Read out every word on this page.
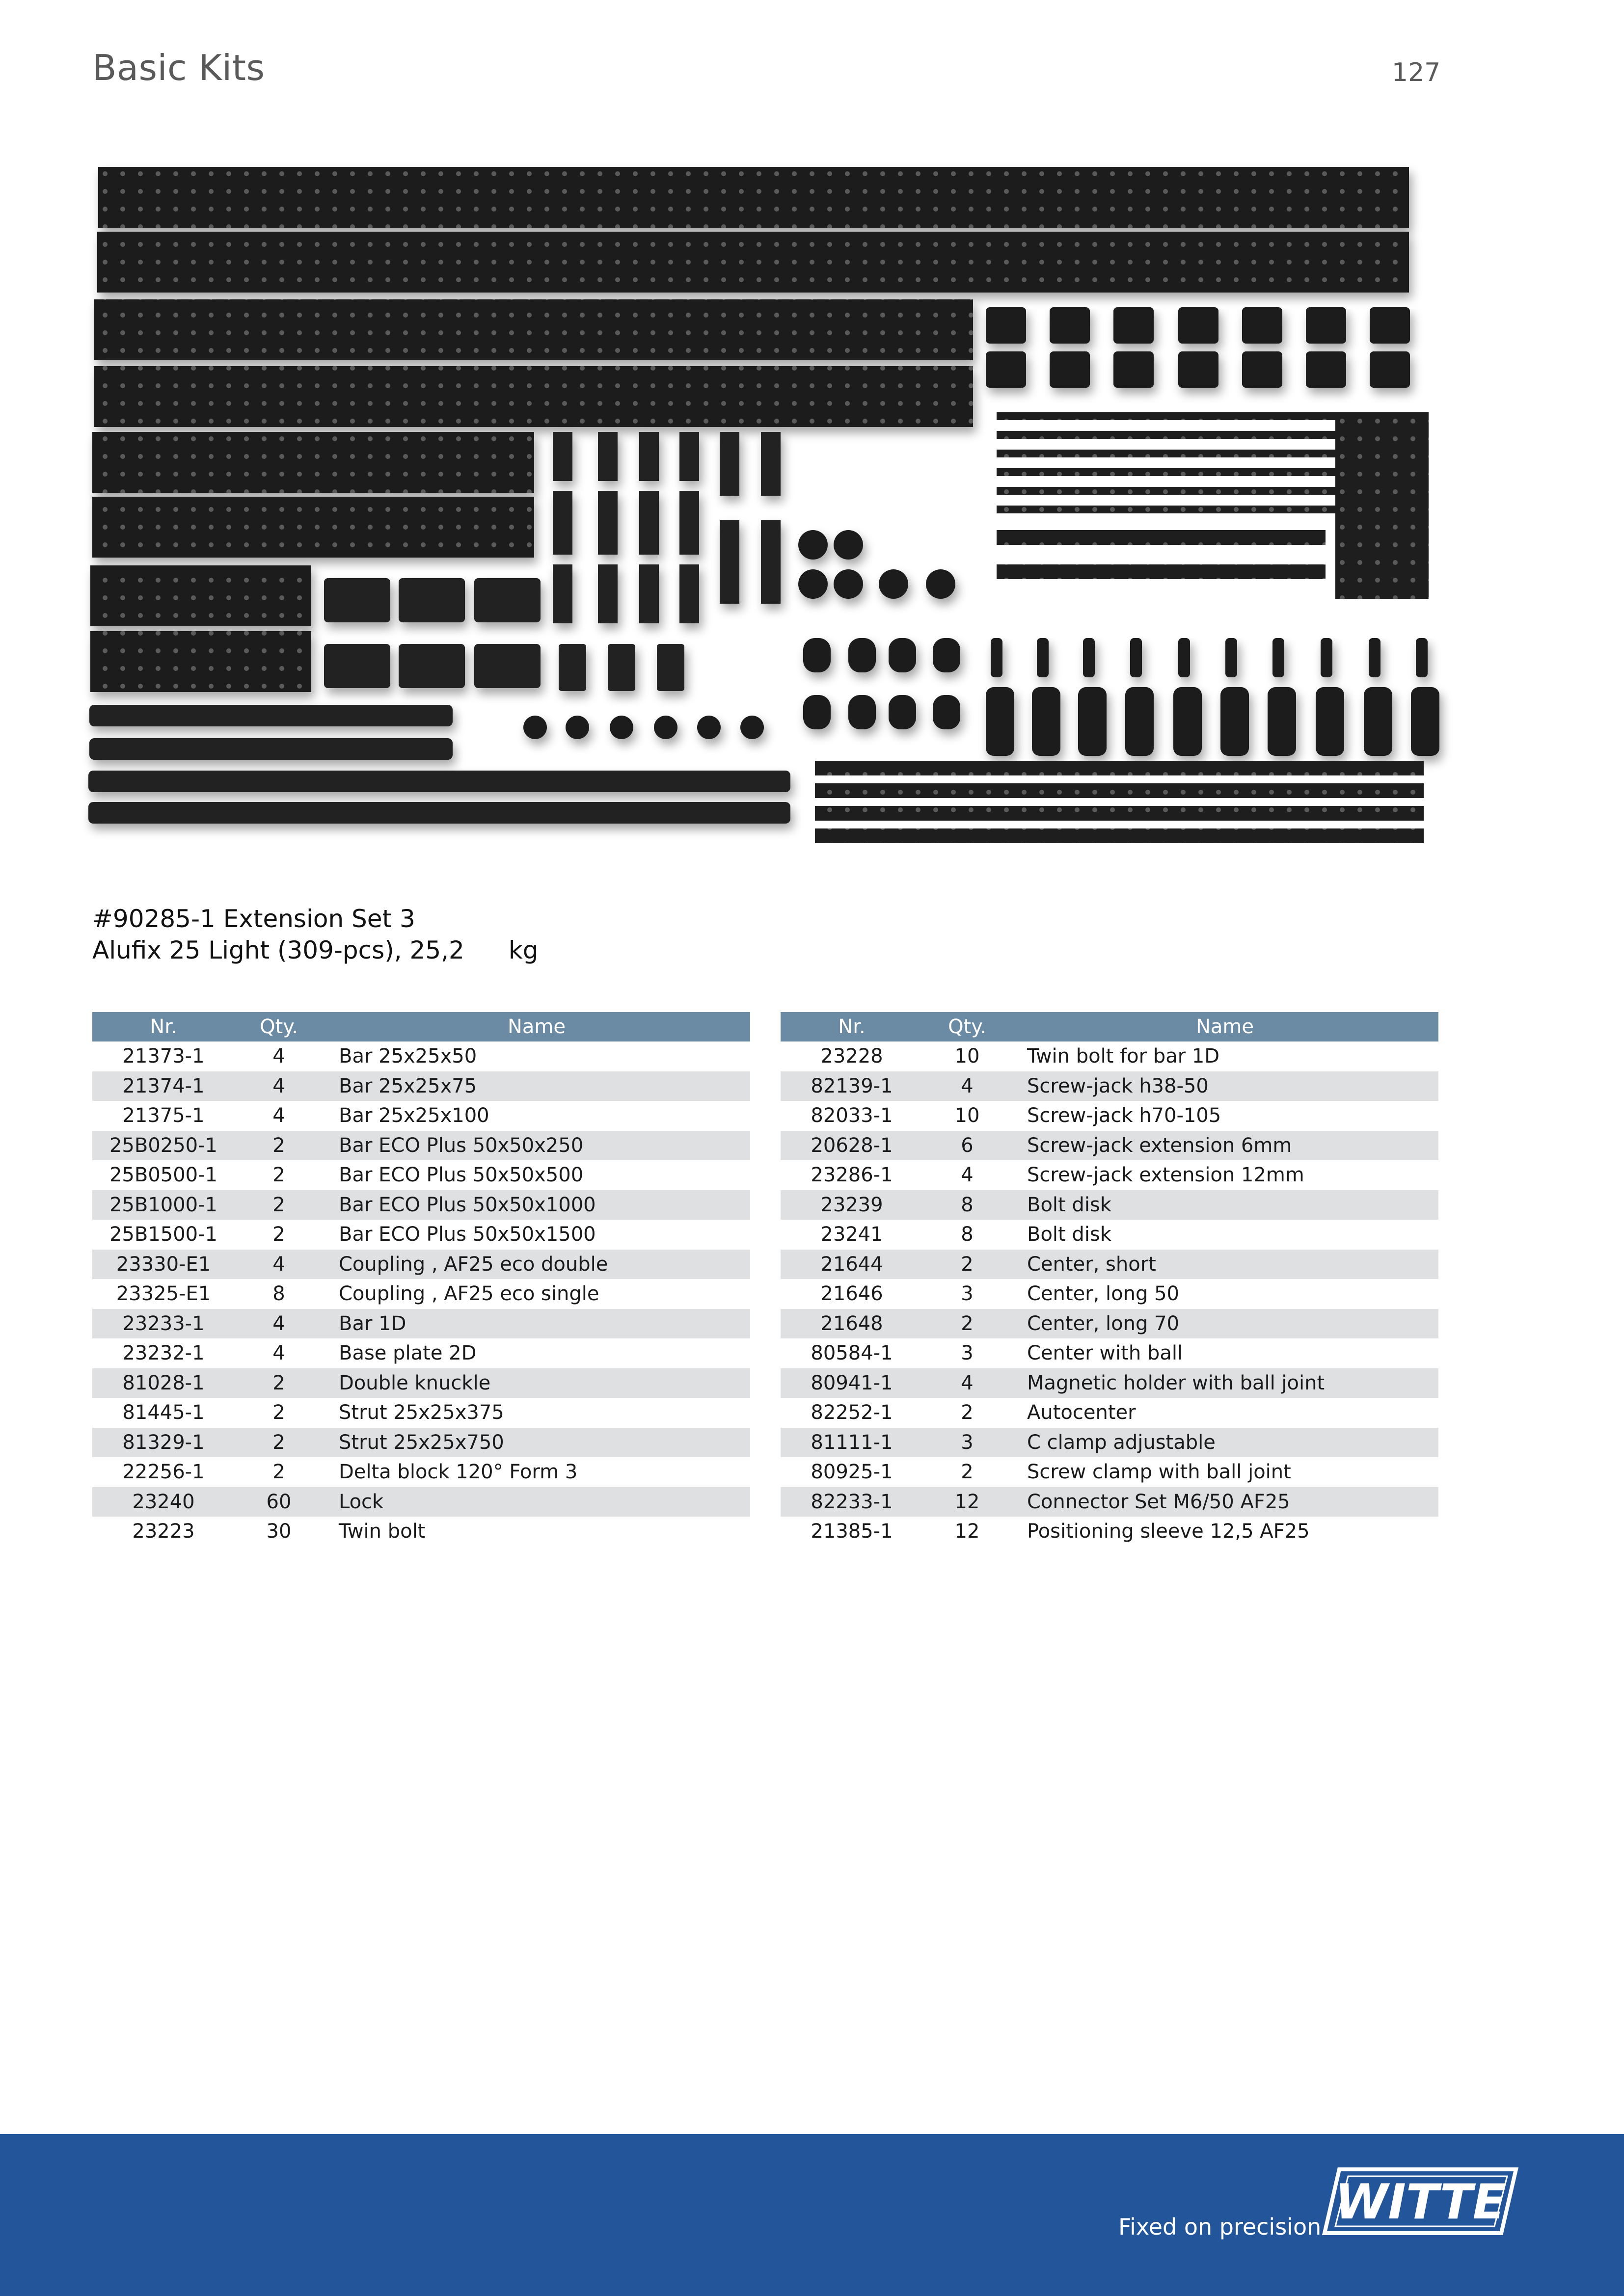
Basic Kits	127
#90285-1 Extension Set 3
Alufix 25 Light (309-pcs), 25,2 kg
Nr.	Qty.	Name
21373-1	4	Bar 25x25x50
21374-1	4	Bar 25x25x75
21375-1	4	Bar 25x25x100
25B0250-1	2	Bar ECO Plus 50x50x250
25B0500-1	2	Bar ECO Plus 50x50x500
25B1000-1	2	Bar ECO Plus 50x50x1000
25B1500-1	2	Bar ECO Plus 50x50x1500
23330-E1	4	Coupling , AF25 eco double
23325-E1	8	Coupling , AF25 eco single
23233-1	4	Bar 1D
23232-1	4	Base plate 2D
81028-1	2	Double knuckle
81445-1	2	Strut 25x25x375
81329-1	2	Strut 25x25x750
22256-1	2	Delta block 120° Form 3
23240	60	Lock
23223	30	Twin bolt
Nr.	Qty.	Name
23228	10	Twin bolt for bar 1D
82139-1	4	Screw-jack h38-50
82033-1	10	Screw-jack h70-105
20628-1	6	Screw-jack extension 6mm
23286-1	4	Screw-jack extension 12mm
23239	8	Bolt disk
23241	8	Bolt disk
21644	2	Center, short
21646	3	Center, long 50
21648	2	Center, long 70
80584-1	3	Center with ball
80941-1	4	Magnetic holder with ball joint
82252-1	2	Autocenter
81111-1	3	C clamp adjustable
80925-1	2	Screw clamp with ball joint
82233-1	12	Connector Set M6/50 AF25
21385-1	12	Positioning sleeve 12,5 AF25
Fixed on precision WITTE
